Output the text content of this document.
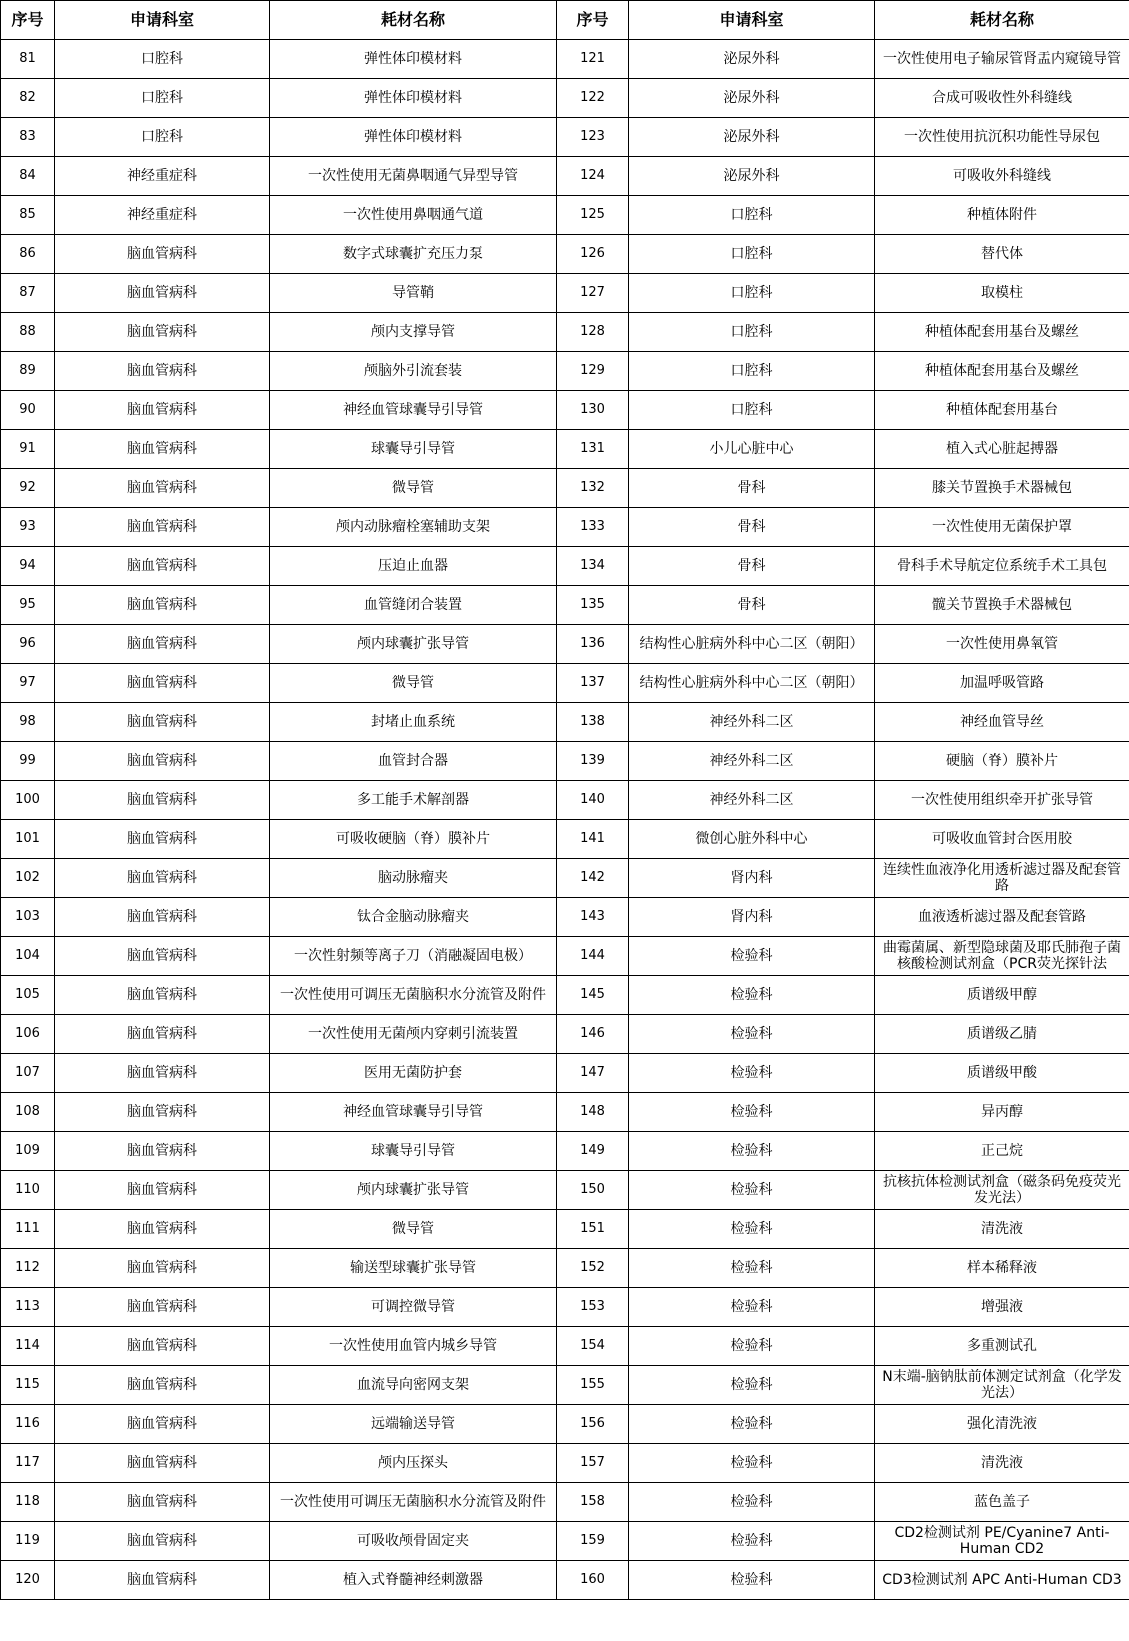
序号	申请科室	耗材名称	序号	申请科室	耗材名称
81	口腔科	弹性体印模材料	121	泌尿外科	一次性使用电子输尿管肾盂内窥镜导管
82	口腔科	弹性体印模材料	122	泌尿外科	合成可吸收性外科缝线
83	口腔科	弹性体印模材料	123	泌尿外科	一次性使用抗沉积功能性导尿包
84	神经重症科	一次性使用无菌鼻咽通气异型导管	124	泌尿外科	可吸收外科缝线
85	神经重症科	一次性使用鼻咽通气道	125	口腔科	种植体附件
86	脑血管病科	数字式球囊扩充压力泵	126	口腔科	替代体
87	脑血管病科	导管鞘	127	口腔科	取模柱
88	脑血管病科	颅内支撑导管	128	口腔科	种植体配套用基台及螺丝
89	脑血管病科	颅脑外引流套装	129	口腔科	种植体配套用基台及螺丝
90	脑血管病科	神经血管球囊导引导管	130	口腔科	种植体配套用基台
91	脑血管病科	球囊导引导管	131	小儿心脏中心	植入式心脏起搏器
92	脑血管病科	微导管	132	骨科	膝关节置换手术器械包
93	脑血管病科	颅内动脉瘤栓塞辅助支架	133	骨科	一次性使用无菌保护罩
94	脑血管病科	压迫止血器	134	骨科	骨科手术导航定位系统手术工具包
95	脑血管病科	血管缝闭合装置	135	骨科	髋关节置换手术器械包
96	脑血管病科	颅内球囊扩张导管	136	结构性心脏病外科中心二区（朝阳）	一次性使用鼻氧管
97	脑血管病科	微导管	137	结构性心脏病外科中心二区（朝阳）	加温呼吸管路
98	脑血管病科	封堵止血系统	138	神经外科二区	神经血管导丝
99	脑血管病科	血管封合器	139	神经外科二区	硬脑（脊）膜补片
100	脑血管病科	多工能手术解剖器	140	神经外科二区	一次性使用组织牵开扩张导管
101	脑血管病科	可吸收硬脑（脊）膜补片	141	微创心脏外科中心	可吸收血管封合医用胶
102	脑血管病科	脑动脉瘤夹	142	肾内科	连续性血液净化用透析滤过器及配套管路
103	脑血管病科	钛合金脑动脉瘤夹	143	肾内科	血液透析滤过器及配套管路
104	脑血管病科	一次性射频等离子刀（消融凝固电极）	144	检验科	曲霉菌属、新型隐球菌及耶氏肺孢子菌核酸检测试剂盒（PCR荧光探针法
105	脑血管病科	一次性使用可调压无菌脑积水分流管及附件	145	检验科	质谱级甲醇
106	脑血管病科	一次性使用无菌颅内穿刺引流装置	146	检验科	质谱级乙腈
107	脑血管病科	医用无菌防护套	147	检验科	质谱级甲酸
108	脑血管病科	神经血管球囊导引导管	148	检验科	异丙醇
109	脑血管病科	球囊导引导管	149	检验科	正己烷
110	脑血管病科	颅内球囊扩张导管	150	检验科	抗核抗体检测试剂盒（磁条码免疫荧光发光法）
111	脑血管病科	微导管	151	检验科	清洗液
112	脑血管病科	输送型球囊扩张导管	152	检验科	样本稀释液
113	脑血管病科	可调控微导管	153	检验科	增强液
114	脑血管病科	一次性使用血管内城乡导管	154	检验科	多重测试孔
115	脑血管病科	血流导向密网支架	155	检验科	N末端-脑钠肽前体测定试剂盒（化学发光法）
116	脑血管病科	远端输送导管	156	检验科	强化清洗液
117	脑血管病科	颅内压探头	157	检验科	清洗液
118	脑血管病科	一次性使用可调压无菌脑积水分流管及附件	158	检验科	蓝色盖子
119	脑血管病科	可吸收颅骨固定夹	159	检验科	CD2检测试剂 PE/Cyanine7 Anti-Human CD2
120	脑血管病科	植入式脊髓神经刺激器	160	检验科	CD3检测试剂 APC Anti-Human CD3
